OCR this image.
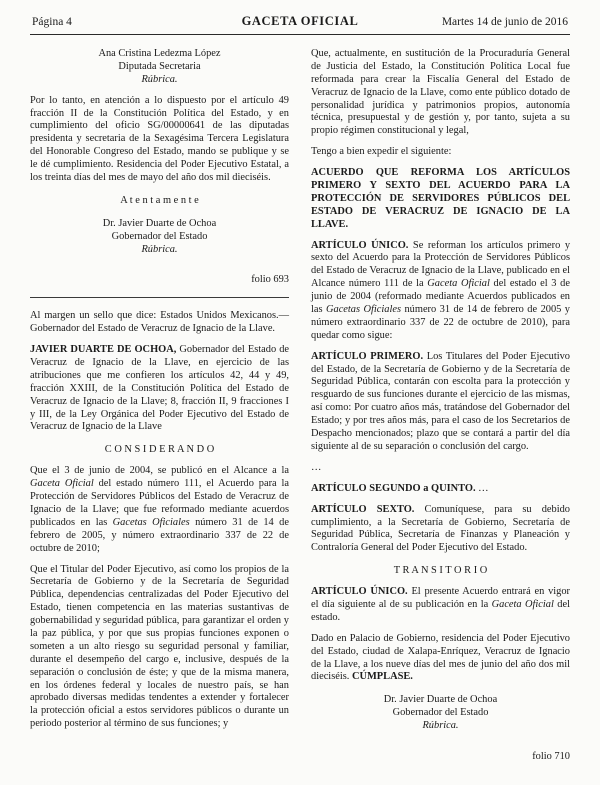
Página 4	GACETA OFICIAL	Martes 14 de junio de 2016

Ana Cristina Ledezma López
Diputada Secretaria
Rúbrica.

Por lo tanto, en atención a lo dispuesto por el artículo 49 fracción II de la Constitución Política del Estado, y en cumplimiento del oficio SG/00000641 de las diputadas presidenta y secretaria de la Sexagésima Tercera Legislatura del Honorable Congreso del Estado, mando se publique y se le dé cumplimiento. Residencia del Poder Ejecutivo Estatal, a los treinta días del mes de mayo del año dos mil dieciséis.

A t e n t a m e n t e

Dr. Javier Duarte de Ochoa
Gobernador del Estado
Rúbrica.

folio 693

Al margen un sello que dice: Estados Unidos Mexicanos.— Gobernador del Estado de Veracruz de Ignacio de la Llave.

JAVIER DUARTE DE OCHOA, Gobernador del Estado de Veracruz de Ignacio de la Llave, en ejercicio de las atribuciones que me confieren los artículos 42, 44 y 49, fracción XXIII, de la Constitución Política del Estado de Veracruz de Ignacio de la Llave; 8, fracción II, 9 fracciones I y III, de la Ley Orgánica del Poder Ejecutivo del Estado de Veracruz de Ignacio de la Llave

C O N S I D E R A N D O

Que el 3 de junio de 2004, se publicó en el Alcance a la Gaceta Oficial del estado número 111, el Acuerdo para la Protección de Servidores Públicos del Estado de Veracruz de Ignacio de la Llave; que fue reformado mediante acuerdos publicados en las Gacetas Oficiales número 31 de 14 de febrero de 2005, y número extraordinario 337 de 22 de octubre de 2010;

Que el Titular del Poder Ejecutivo, así como los propios de la Secretaría de Gobierno y de la Secretaría de Seguridad Pública, dependencias centralizadas del Poder Ejecutivo del Estado, tienen competencia en las materias sustantivas de gobernabilidad y seguridad pública, para garantizar el orden y la paz pública, y por que sus propias funciones exponen o someten a un alto riesgo su seguridad personal y familiar, durante el desempeño del cargo e, inclusive, después de la separación o conclusión de éste; y que de la misma manera, en los órdenes federal y locales de nuestro país, se han aprobado diversas medidas tendentes a extender y fortalecer la protección oficial a estos servidores públicos o durante un periodo posterior al término de sus funciones; y

Que, actualmente, en sustitución de la Procuraduría General de Justicia del Estado, la Constitución Política Local fue reformada para crear la Fiscalía General del Estado de Veracruz de Ignacio de la Llave, como ente público dotado de personalidad jurídica y patrimonios propios, autonomía técnica, presupuestal y de gestión y, por tanto, sujeta a su propio régimen constitucional y legal,

Tengo a bien expedir el siguiente:

ACUERDO QUE REFORMA LOS ARTÍCULOS PRIMERO Y SEXTO DEL ACUERDO PARA LA PROTECCIÓN DE SERVIDORES PÚBLICOS DEL ESTADO DE VERACRUZ DE IGNACIO DE LA LLAVE.

ARTÍCULO ÚNICO. Se reforman los artículos primero y sexto del Acuerdo para la Protección de Servidores Públicos del Estado de Veracruz de Ignacio de la Llave, publicado en el Alcance número 111 de la Gaceta Oficial del estado el 3 de junio de 2004 (reformado mediante Acuerdos publicados en las Gacetas Oficiales número 31 de 14 de febrero de 2005 y número extraordinario 337 de 22 de octubre de 2010), para quedar como sigue:

ARTÍCULO PRIMERO. Los Titulares del Poder Ejecutivo del Estado, de la Secretaría de Gobierno y de la Secretaría de Seguridad Pública, contarán con escolta para la protección y resguardo de sus funciones durante el ejercicio de las mismas, así como: Por cuatro años más, tratándose del Gobernador del Estado; y por tres años más, para el caso de los Secretarios de Despacho mencionados; plazo que se contará a partir del día siguiente al de su separación o conclusión del cargo.

…

ARTÍCULO SEGUNDO a QUINTO. …

ARTÍCULO SEXTO. Comuníquese, para su debido cumplimiento, a la Secretaría de Gobierno, Secretaría de Seguridad Pública, Secretaría de Finanzas y Planeación y Contraloría General del Poder Ejecutivo del Estado.

T R A N S I T O R I O

ARTÍCULO ÚNICO. El presente Acuerdo entrará en vigor el día siguiente al de su publicación en la Gaceta Oficial del estado.

Dado en Palacio de Gobierno, residencia del Poder Ejecutivo del Estado, ciudad de Xalapa-Enríquez, Veracruz de Ignacio de la Llave, a los nueve días del mes de junio del año dos mil dieciséis. CÚMPLASE.

Dr. Javier Duarte de Ochoa
Gobernador del Estado
Rúbrica.

folio 710
